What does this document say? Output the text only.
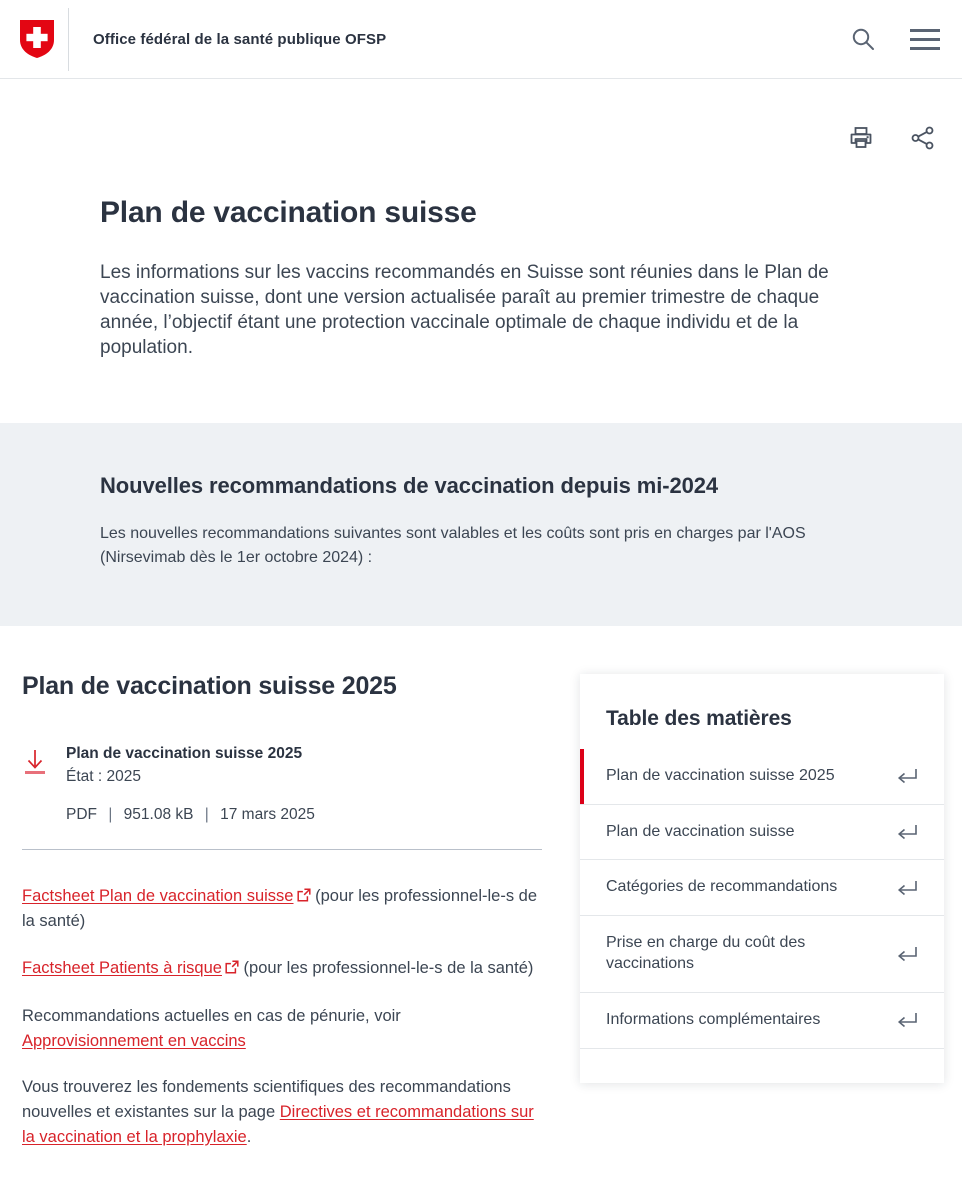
Office fédéral de la santé publique OFSP
Plan de vaccination suisse

Les informations sur les vaccins recommandés en Suisse sont réunies dans le Plan de vaccination suisse, dont une version actualisée paraît au premier trimestre de chaque année, l’objectif étant une protection vaccinale optimale de chaque individu et de la population.

Nouvelles recommandations de vaccination depuis mi-2024

Les nouvelles recommandations suivantes sont valables et les coûts sont pris en charges par l'AOS (Nirsevimab dès le 1er octobre 2024) :

Plan de vaccination suisse 2025
Plan de vaccination suisse 2025
État : 2025
PDF | 951.08 kB | 17 mars 2025

Factsheet Plan de vaccination suisse (pour les professionnel-le-s de la santé)

Factsheet Patients à risque (pour les professionnel-le-s de la santé)

Recommandations actuelles en cas de pénurie, voir Approvisionnement en vaccins

Vous trouverez les fondements scientifiques des recommandations nouvelles et existantes sur la page Directives et recommandations sur la vaccination et la prophylaxie.

Table des matières
Plan de vaccination suisse 2025
Plan de vaccination suisse
Catégories de recommandations
Prise en charge du coût des vaccinations
Informations complémentaires
